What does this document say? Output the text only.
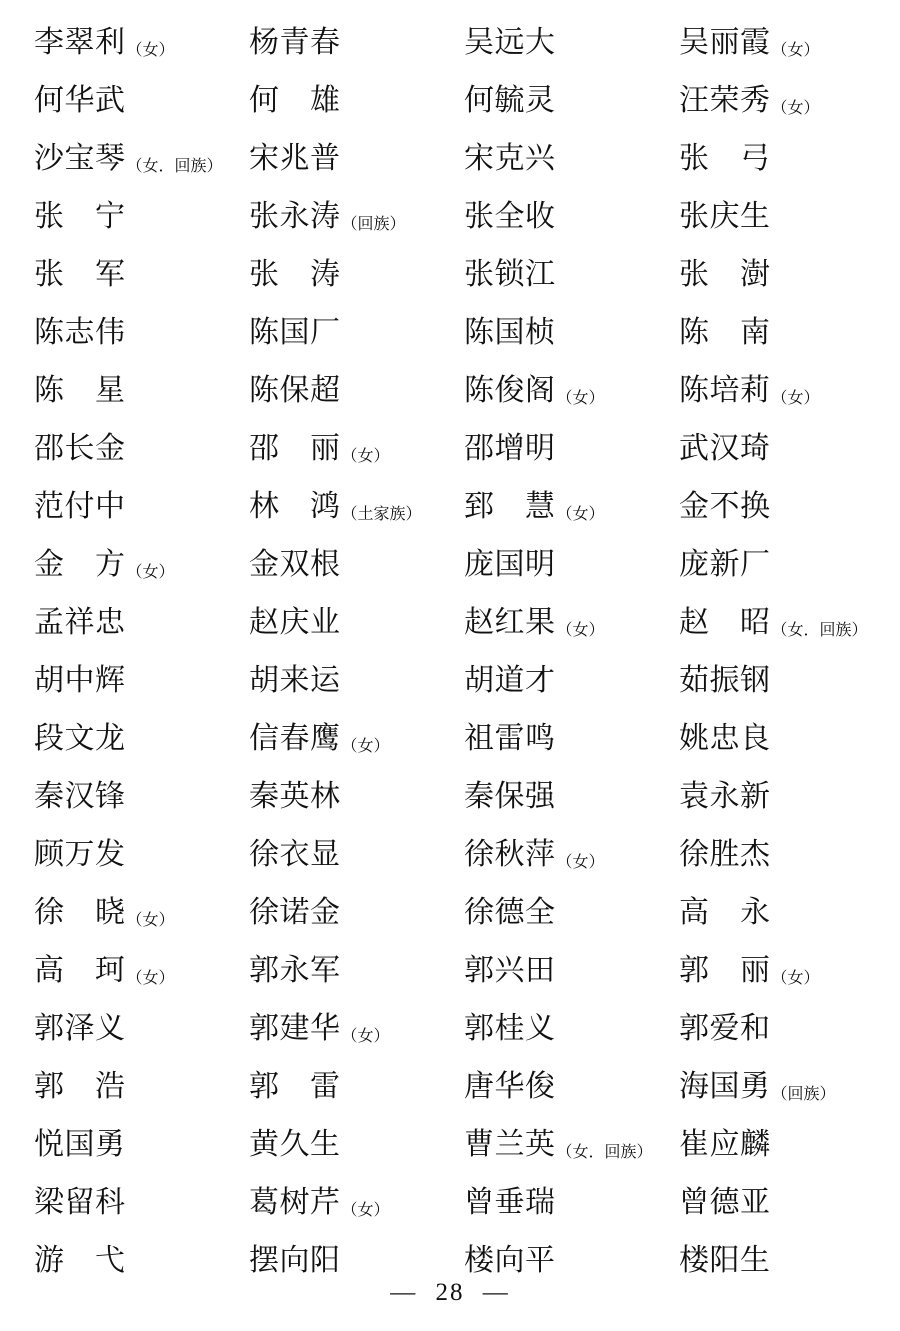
李翠利 （女） 杨青春	吴远大	吴丽霞 （女）
何华武	何　雄	何毓灵	汪荣秀 （女）
沙宝琴 （女．回族） 宋兆普	宋克兴	张　弓
张　宁	张永涛 （回族） 张全收	张庆生
张　军	张　涛	张锁江	张　澍
陈志伟	陈国厂	陈国桢	陈　南
陈　星	陈保超	陈俊阁 （女） 陈培莉 （女）
邵长金	邵　丽 （女） 邵增明	武汉琦
范付中	林　鸿 （土家族） 郅　慧 （女） 金不换
金　方 （女） 金双根	庞国明	庞新厂
孟祥忠	赵庆业	赵红果 （女） 赵　昭 （女．回族）
胡中辉	胡来运	胡道才	茹振钢
段文龙	信春鹰 （女） 祖雷鸣	姚忠良
秦汉锋	秦英林	秦保强	袁永新
顾万发	徐衣显	徐秋萍 （女） 徐胜杰
徐　晓 （女） 徐诺金	徐德全	高　永
高　珂 （女） 郭永军	郭兴田	郭　丽 （女）
郭泽义	郭建华 （女） 郭桂义	郭爱和
郭　浩	郭　雷	唐华俊	海国勇 （回族）
悦国勇	黄久生	曹兰英 （女．回族） 崔应麟
梁留科	葛树芹 （女） 曾垂瑞	曾德亚
游　弋	摆向阳	楼向平	楼阳生
— 28 —
